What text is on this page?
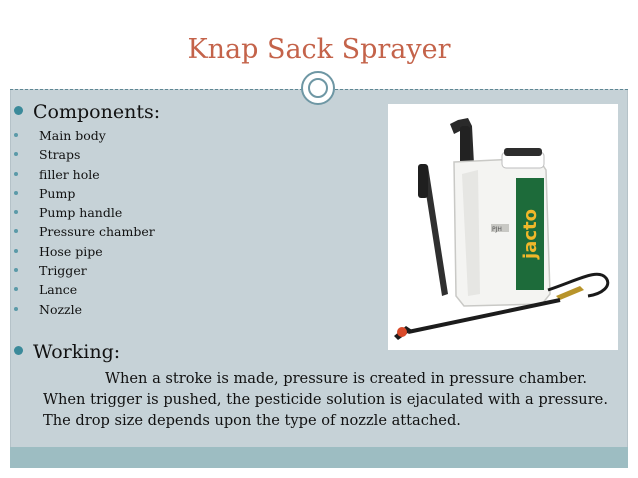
Knap Sack Sprayer
Components:
Main body
Straps
filler hole
Pump
Pump handle
Pressure chamber
Hose pipe
Trigger
Lance
Nozzle
Working:
When a stroke is made, pressure is created in pressure chamber.
When trigger is pushed, the pesticide solution is ejaculated with a pressure.
The drop size depends upon the type of nozzle attached.
jacto
PJH
